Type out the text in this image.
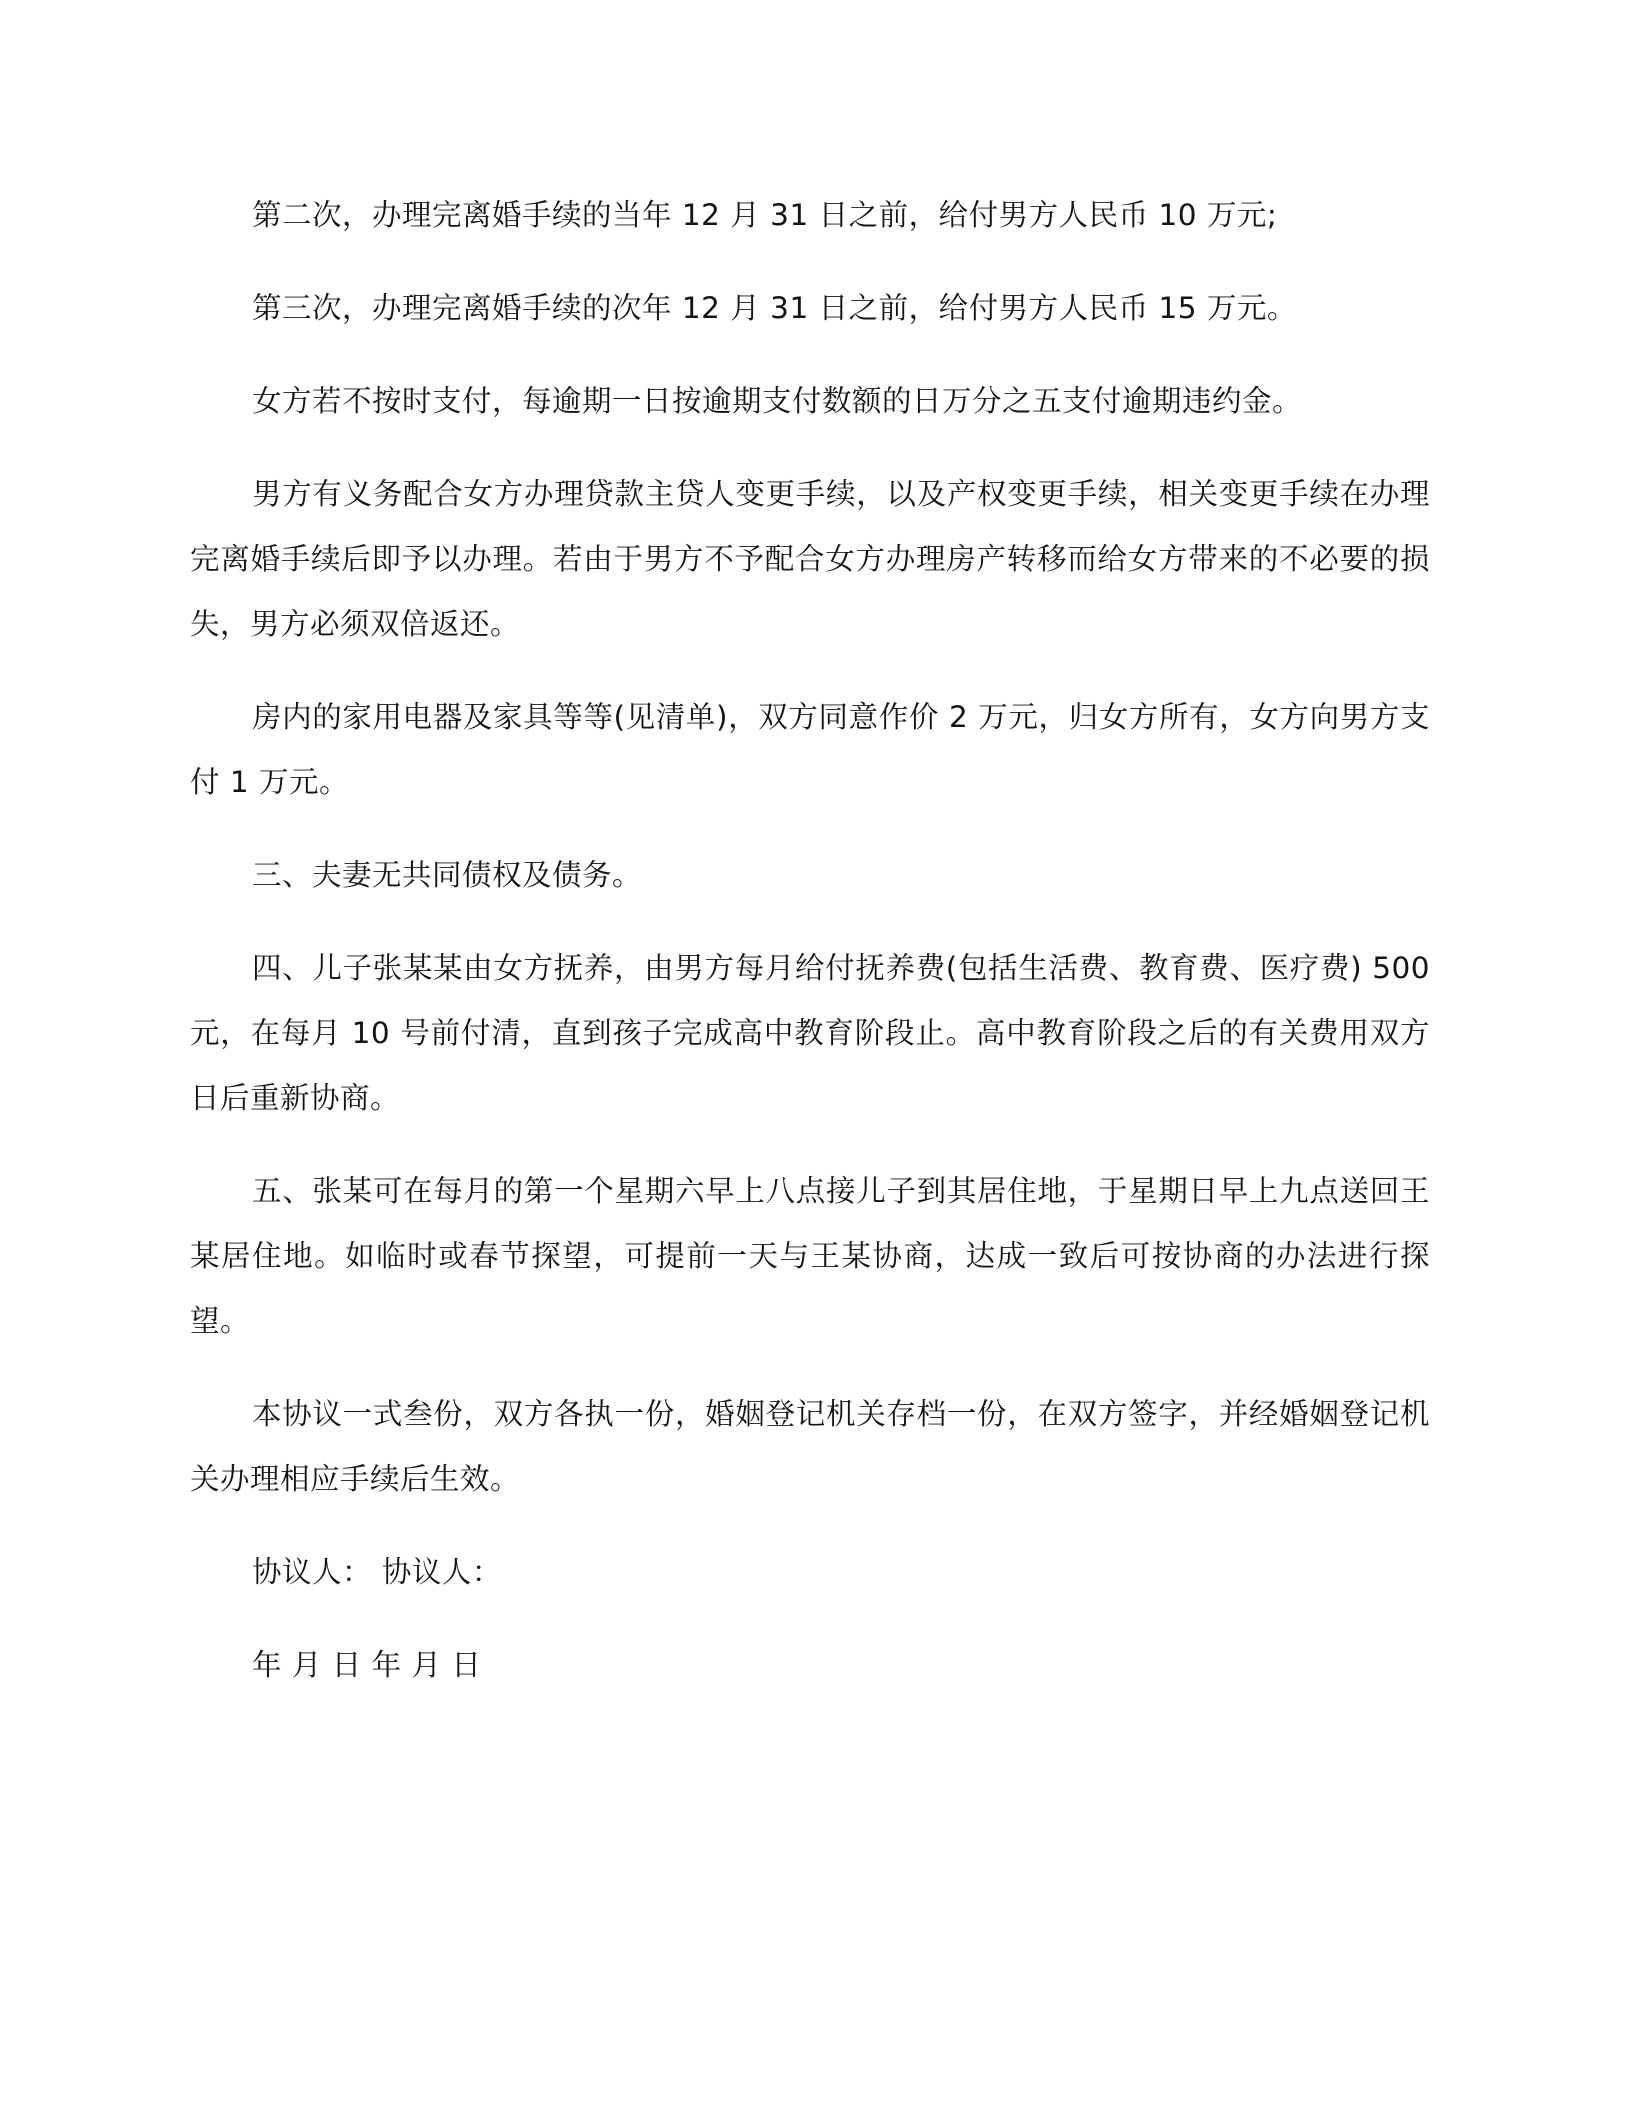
第二次，办理完离婚手续的当年 12 月 31 日之前，给付男方人民币 10 万元;

第三次，办理完离婚手续的次年 12 月 31 日之前，给付男方人民币 15 万元。

女方若不按时支付，每逾期一日按逾期支付数额的日万分之五支付逾期违约金。

男方有义务配合女方办理贷款主贷人变更手续，以及产权变更手续，相关变更手续在办理完离婚手续后即予以办理。若由于男方不予配合女方办理房产转移而给女方带来的不必要的损失，男方必须双倍返还。

房内的家用电器及家具等等(见清单)，双方同意作价 2 万元，归女方所有，女方向男方支付 1 万元。

三、夫妻无共同债权及债务。

四、儿子张某某由女方抚养，由男方每月给付抚养费(包括生活费、教育费、医疗费) 500 元，在每月 10 号前付清，直到孩子完成高中教育阶段止。高中教育阶段之后的有关费用双方日后重新协商。

五、张某可在每月的第一个星期六早上八点接儿子到其居住地，于星期日早上九点送回王某居住地。如临时或春节探望，可提前一天与王某协商，达成一致后可按协商的办法进行探望。

本协议一式叁份，双方各执一份，婚姻登记机关存档一份，在双方签字，并经婚姻登记机关办理相应手续后生效。

协议人： 协议人：

年 月 日 年 月 日
